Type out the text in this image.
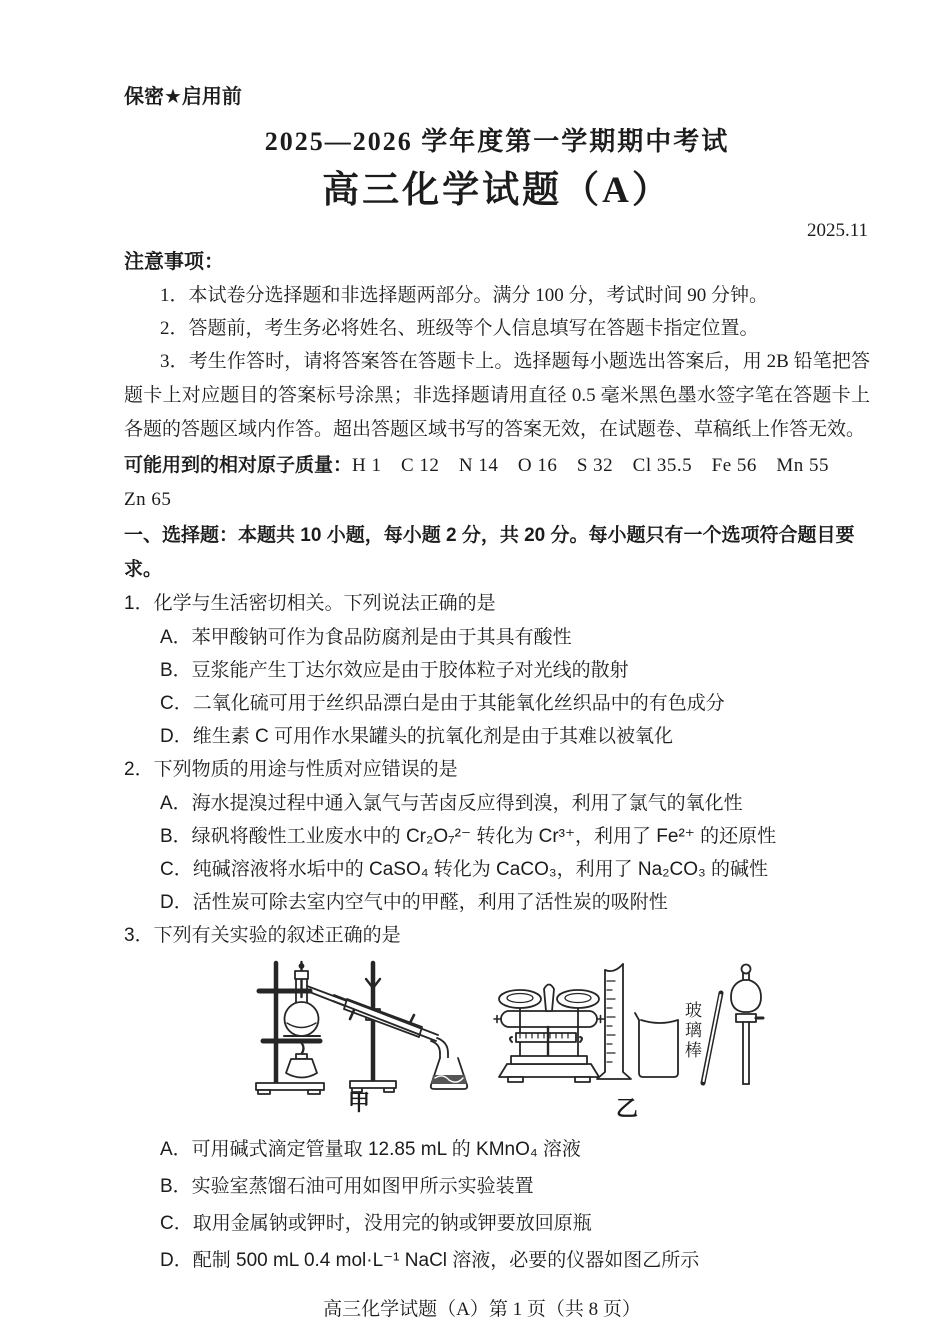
保密★启用前
2025—2026 学年度第一学期期中考试
高三化学试题（A）
2025.11
注意事项：

1．本试卷分选择题和非选择题两部分。满分 100 分，考试时间 90 分钟。

2．答题前，考生务必将姓名、班级等个人信息填写在答题卡指定位置。

3．考生作答时，请将答案答在答题卡上。选择题每小题选出答案后，用 2B 铅笔把答题卡上对应题目的答案标号涂黑；非选择题请用直径 0.5 毫米黑色墨水签字笔在答题卡上各题的答题区域内作答。超出答题区域书写的答案无效，在试题卷、草稿纸上作答无效。

可能用到的相对原子质量：H 1　C 12　N 14　O 16　S 32　Cl 35.5　Fe 56　Mn 55　Zn 65

一、选择题：本题共 10 小题，每小题 2 分，共 20 分。每小题只有一个选项符合题目要求。

1．化学与生活密切相关。下列说法正确的是

A．苯甲酸钠可作为食品防腐剂是由于其具有酸性

B．豆浆能产生丁达尔效应是由于胶体粒子对光线的散射

C．二氧化硫可用于丝织品漂白是由于其能氧化丝织品中的有色成分

D．维生素 C 可用作水果罐头的抗氧化剂是由于其难以被氧化

2．下列物质的用途与性质对应错误的是

A．海水提溴过程中通入氯气与苦卤反应得到溴，利用了氯气的氧化性

B．绿矾将酸性工业废水中的 Cr₂O₇²⁻ 转化为 Cr³⁺，利用了 Fe²⁺ 的还原性

C．纯碱溶液将水垢中的 CaSO₄ 转化为 CaCO₃，利用了 Na₂CO₃ 的碱性

D．活性炭可除去室内空气中的甲醛，利用了活性炭的吸附性

3．下列有关实验的叙述正确的是

甲	乙
玻璃棒

A．可用碱式滴定管量取 12.85 mL 的 KMnO₄ 溶液

B．实验室蒸馏石油可用如图甲所示实验装置

C．取用金属钠或钾时，没用完的钠或钾要放回原瓶

D．配制 500 mL 0.4 mol·L⁻¹ NaCl 溶液，必要的仪器如图乙所示

高三化学试题（A）第 1 页（共 8 页）
